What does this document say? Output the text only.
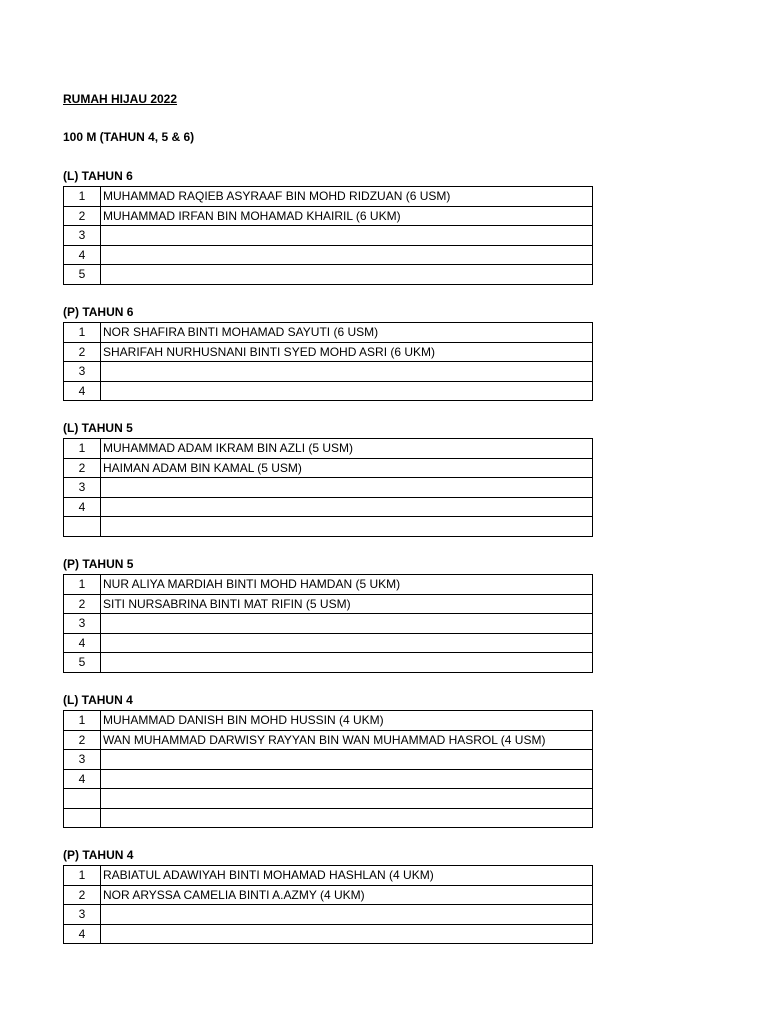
RUMAH HIJAU 2022
100 M (TAHUN 4, 5 & 6)
(L) TAHUN 6
1	MUHAMMAD RAQIEB ASYRAAF BIN MOHD RIDZUAN (6 USM)
2	MUHAMMAD IRFAN BIN MOHAMAD KHAIRIL (6 UKM)
3	
4	
5	
(P) TAHUN 6
1	NOR SHAFIRA BINTI MOHAMAD SAYUTI (6 USM)
2	SHARIFAH NURHUSNANI BINTI SYED MOHD ASRI (6 UKM)
3	
4	
(L) TAHUN 5
1	MUHAMMAD ADAM IKRAM BIN AZLI (5 USM)
2	HAIMAN ADAM BIN KAMAL (5 USM)
3	
4	

(P) TAHUN 5
1	NUR ALIYA MARDIAH BINTI MOHD HAMDAN (5 UKM)
2	SITI NURSABRINA BINTI MAT RIFIN (5 USM)
3	
4	
5	
(L) TAHUN 4
1	MUHAMMAD DANISH BIN MOHD HUSSIN (4 UKM)
2	WAN MUHAMMAD DARWISY RAYYAN BIN WAN MUHAMMAD HASROL (4 USM)
3	
4	

(P) TAHUN 4
1	RABIATUL ADAWIYAH BINTI MOHAMAD HASHLAN (4 UKM)
2	NOR ARYSSA CAMELIA BINTI A.AZMY (4 UKM)
3	
4	
